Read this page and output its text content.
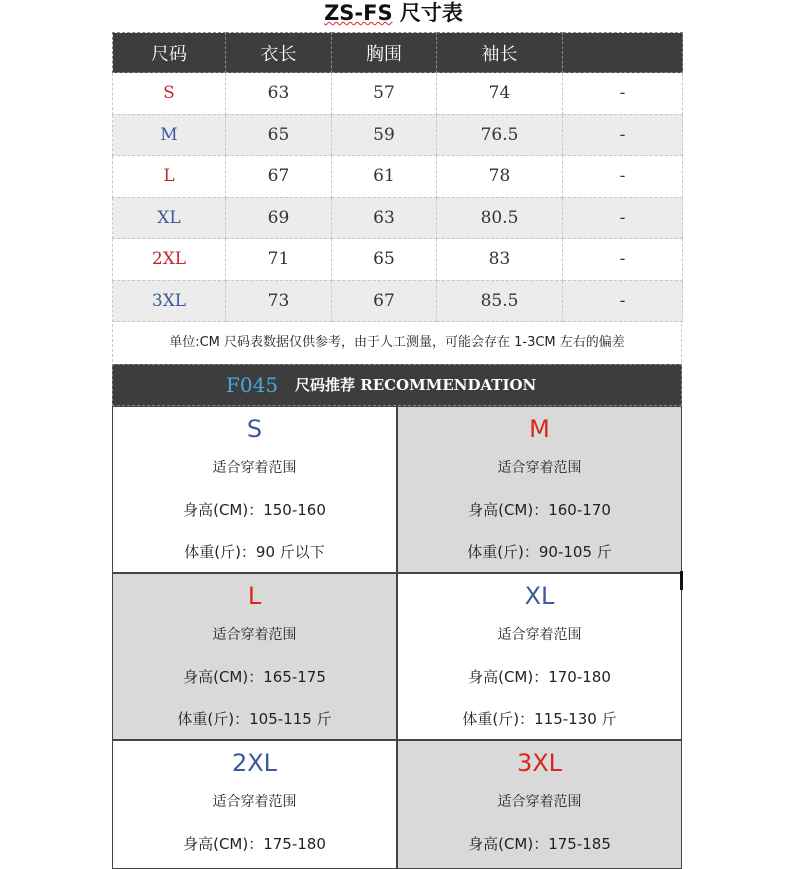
ZS-FS 尺寸表
尺码	衣长	胸围	袖长	
S	63	57	74	-
M	65	59	76.5	-
L	67	61	78	-
XL	69	63	80.5	-
2XL	71	65	83	-
3XL	73	67	85.5	-
单位:CM 尺码表数据仅供参考，由于人工测量，可能会存在 1-3CM 左右的偏差
F045 尺码推荐 RECOMMENDATION
S
适合穿着范围
身高(CM)：150-160
体重(斤)：90 斤以下
M
适合穿着范围
身高(CM)：160-170
体重(斤)：90-105 斤
L
适合穿着范围
身高(CM)：165-175
体重(斤)：105-115 斤
XL
适合穿着范围
身高(CM)：170-180
体重(斤)：115-130 斤
2XL
适合穿着范围
身高(CM)：175-180
3XL
适合穿着范围
身高(CM)：175-185
